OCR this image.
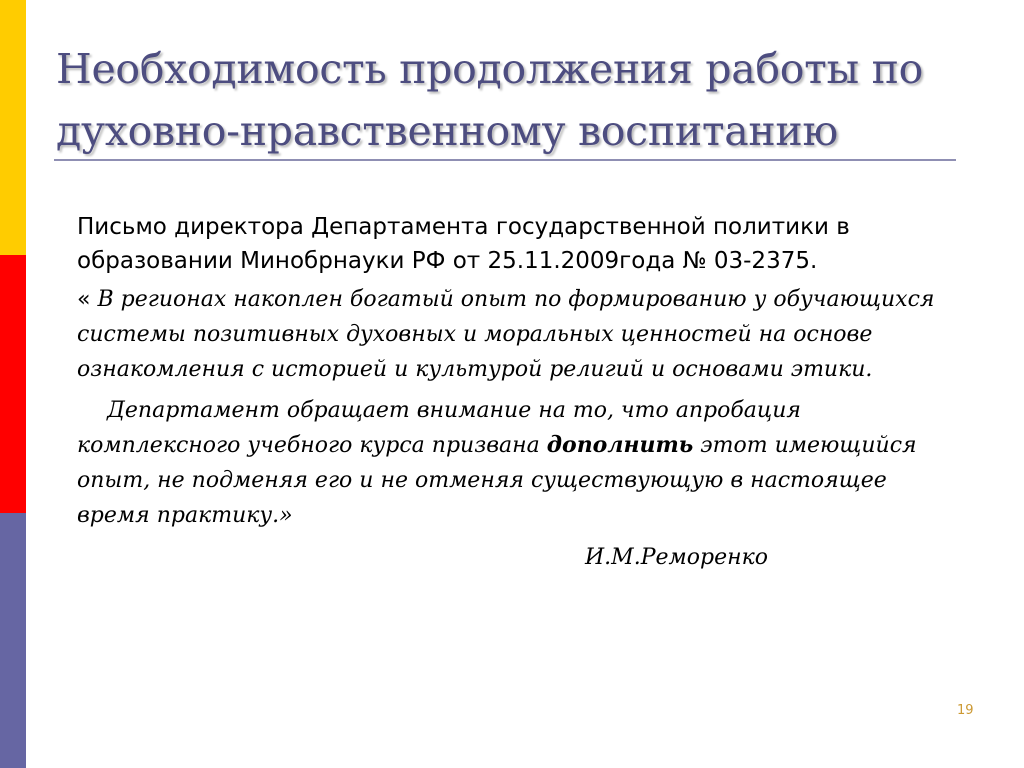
Необходимость продолжения работы по духовно-нравственному воспитанию

Письмо директора Департамента государственной политики в образовании Минобрнауки РФ от 25.11.2009года № 03-2375.

« В регионах накоплен богатый опыт по формированию у обучающихся системы позитивных духовных и моральных ценностей на основе ознакомления с историей и культурой религий и основами этики.

Департамент обращает внимание на то, что апробация комплексного учебного курса призвана дополнить этот имеющийся опыт, не подменяя его и не отменяя существующую в настоящее время практику.»

И.М.Реморенко

19
